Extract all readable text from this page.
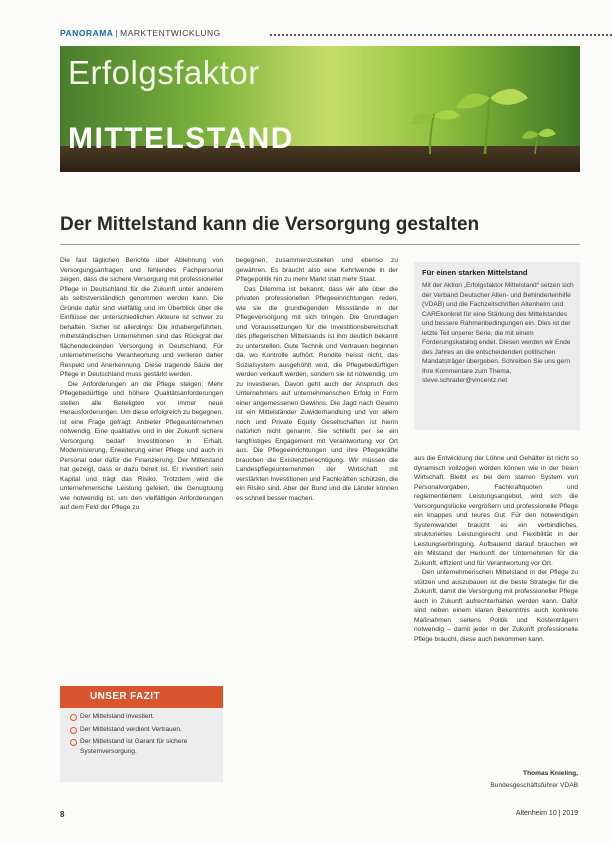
PANORAMA | MARKTENTWICKLUNG
Erfolgsfaktor
MITTELSTAND
Der Mittelstand kann die Versorgung gestalten

Die fast täglichen Berichte über Ablehnung von Versorgungsanfragen und fehlendes Fachpersonal zeigen, dass die sichere Versorgung mit professioneller Pflege in Deutschland für die Zukunft unter anderem als selbstverständlich genommen werden kann. Die Gründe dafür sind vielfältig und im Überblick über die Einflüsse der unterschiedlichen Akteure ist schwer zu behalten. Sicher ist allerdings: Die inhabergeführten, mittelständischen Unternehmen sind das Rückgrat der flächendeckenden Versorgung in Deutschland. Für unternehmerische Verantwortung und verlieren daher Respekt und Anerkennung. Diese tragende Säule der Pflege in Deutschland muss gestärkt werden.

Die Anforderungen an die Pflege steigen: Mehr Pflegebedürftige und höhere Qualitätsanforderungen stellen alle Beteiligten vor immer neue Herausforderungen. Um diese erfolgreich zu begegnen, ist eine Frage gefragt: Anbieter Pflegeunternehmen notwendig. Eine qualitative und in der Zukunft sichere Versorgung bedarf Investitionen in Erhalt, Modernisierung, Erweiterung einer Pflege und auch in Personal oder dafür die Finanzierung. Der Mittelstand hat gezeigt, dass er dazu bereit ist. Er investiert sein Kapital und trägt das Risiko. Trotzdem wird die unternehmerische Leistung gefeiert, die Genugtuung wie notwendig ist, um den vielfältigen Anforderungen auf dem Feld der Pflege zu

begegnen, zusammenzustellen und ebenso zu gewähren. Es braucht also eine Kehrtwende in der Pflegepolitik hin zu mehr Markt statt mehr Staat.

Das Dilemma ist bekannt, dass wir alle über die privaten professionellen Pflegeeinrichtungen reden, wie sie die grundlegenden Missstände in der Pflegeversorgung mit sich bringen. Die Grundlagen und Voraussetzungen für die Investitionsbereitschaft des pflegerischen Mittelstands ist ihm deutlich bekannt zu unterstellen. Gute Technik und Vertrauen beginnen da, wo Kontrolle aufhört. Rendite heisst nicht, das Sozialsystem ausgehöhlt wird, die Pflegebedürftigen werden verkauft werden, sondern sie ist notwendig, um zu investieren. Davon geht auch der Anspruch des Unternehmers auf unternehmerischen Erfolg in Form einer angemessenen Gewinns. Die Jagd nach Gewinn ist ein Mittelständer Zuwiderhandlung und vor allem noch und Private Equity Gesellschaften ist hierin natürlich nicht genannt. Sie schließt per se ein langfristiges Engagement mit Verantwortung vor Ort aus. Die Pflegeeinrichtungen und ihre Pflegekräfte brauchen die Existenzberechtigung. Wir müssen die Landespflegeunternehmen der Wirtschaft mit verstärkten Investitionen und Fachkräften schützen, die ein Risiko sind. Aber der Bund und die Länder können es schnell besser machen.

Für einen starken Mittelstand

Mit der Aktion „Erfolgsfaktor Mittelstand“ setzen sich der Verband Deutscher Alten- und Behindertenhilfe (VDAB) und die Fachzeitschriften Altenheim und CAREkonkret für eine Stärkung des Mittelstandes und bessere Rahmenbedingungen ein. Dies ist der letzte Teil unserer Serie, die mit einem Forderungskatalog endet. Diesen werden wir Ende des Jahres an die entscheidenden politischen Mandatsträger übergeben. Schreiben Sie uns gern Ihre Kommentare zum Thema, steve.schrader@vincentz.net

aus die Entwicklung der Löhne und Gehälter ist nicht so dynamisch vollzogen worden können wie in der freien Wirtschaft. Bleibt es bei dem starren System von Personalvorgaben, Fachkraftquoten und reglementiertem Leistungsangebot, wird sich die Versorgungslücke vergrößern und professionelle Pflege ein knappes und teures Gut. Für den notwendigen Systemwandel braucht es ein verbindliches, strukturiertes Leistungsrecht und Flexibilität in der Leistungserbringung. Aufbauend darauf brauchen wir ein Mitstand der Herkunft der Unternehmen für die Zukunft, effizient und für Verantwortung vor Ort.

Den unternehmerischen Mittelstand in der Pflege zu stützen und auszubauen ist die beste Strategie für die Zukunft, damit die Versorgung mit professioneller Pflege auch in Zukunft aufrechterhalten werden kann. Dafür sind neben einem klaren Bekenntnis auch konkrete Maßnahmen seitens Politik und Kostenträgern notwendig – damit jeder in der Zukunft professionelle Pflege braucht, diese auch bekommen kann.

Thomas Knieling,
Bundesgeschäftsführer VDAB
UNSER FAZIT
Der Mittelstand investiert.
Der Mittelstand verdient Vertrauen.
Der Mittelstand ist Garant für sichere Systemversorgung.
8	Altenheim 10 | 2019
